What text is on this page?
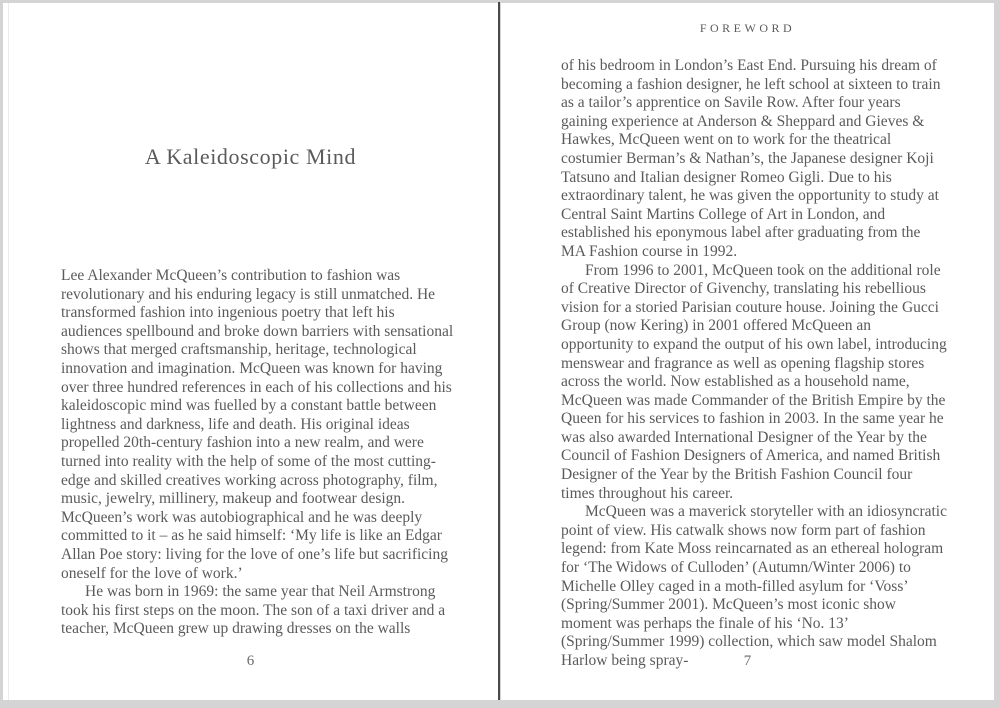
A Kaleidoscopic Mind

Lee Alexander McQueen’s contribution to fashion was revolutionary and his enduring legacy is still unmatched. He transformed fashion into ingenious poetry that left his audiences spellbound and broke down barriers with sensational shows that merged craftsmanship, heritage, technological innovation and imagination. McQueen was known for having over three hundred references in each of his collections and his kaleidoscopic mind was fuelled by a constant battle between lightness and darkness, life and death. His original ideas propelled 20th-century fashion into a new realm, and were turned into reality with the help of some of the most cutting-edge and skilled creatives working across photography, film, music, jewelry, millinery, makeup and footwear design. McQueen’s work was autobiographical and he was deeply committed to it – as he said himself: ‘My life is like an Edgar Allan Poe story: living for the love of one’s life but sacrificing oneself for the love of work.’

He was born in 1969: the same year that Neil Armstrong took his first steps on the moon. The son of a taxi driver and a teacher, McQueen grew up drawing dresses on the walls

6
FOREWORD

of his bedroom in London’s East End. Pursuing his dream of becoming a fashion designer, he left school at sixteen to train as a tailor’s apprentice on Savile Row. After four years gaining experience at Anderson & Sheppard and Gieves & Hawkes, McQueen went on to work for the theatrical costumier Berman’s & Nathan’s, the Japanese designer Koji Tatsuno and Italian designer Romeo Gigli. Due to his extraordinary talent, he was given the opportunity to study at Central Saint Martins College of Art in London, and established his eponymous label after graduating from the MA Fashion course in 1992.

From 1996 to 2001, McQueen took on the additional role of Creative Director of Givenchy, translating his rebellious vision for a storied Parisian couture house. Joining the Gucci Group (now Kering) in 2001 offered McQueen an opportunity to expand the output of his own label, introducing menswear and fragrance as well as opening flagship stores across the world. Now established as a household name, McQueen was made Commander of the British Empire by the Queen for his services to fashion in 2003. In the same year he was also awarded International Designer of the Year by the Council of Fashion Designers of America, and named British Designer of the Year by the British Fashion Council four times throughout his career.

McQueen was a maverick storyteller with an idiosyncratic point of view. His catwalk shows now form part of fashion legend: from Kate Moss reincarnated as an ethereal hologram for ‘The Widows of Culloden’ (Autumn/Winter 2006) to Michelle Olley caged in a moth-filled asylum for ‘Voss’ (Spring/Summer 2001). McQueen’s most iconic show moment was perhaps the finale of his ‘No. 13’ (Spring/Summer 1999) collection, which saw model Shalom Harlow being spray-	7
